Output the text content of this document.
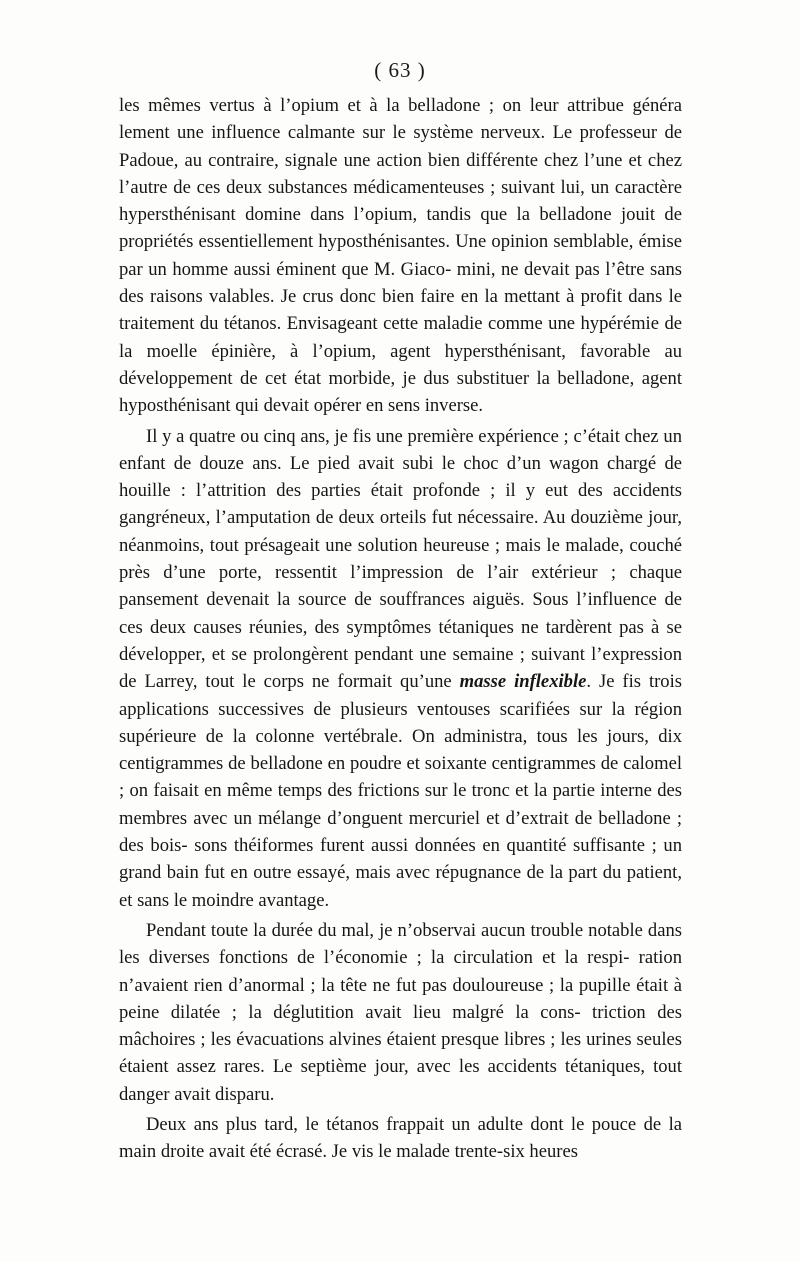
( 63 )

les mêmes vertus à l’opium et à la belladone ; on leur attribue généra lement une influence calmante sur le système nerveux. Le professeur de Padoue, au contraire, signale une action bien différente chez l’une et chez l’autre de ces deux substances médicamenteuses ; suivant lui, un caractère hypersthénisant domine dans l’opium, tandis que la belladone jouit de propriétés essentiellement hyposthénisantes. Une opinion semblable, émise par un homme aussi éminent que M. Giaco- mini, ne devait pas l’être sans des raisons valables. Je crus donc bien faire en la mettant à profit dans le traitement du tétanos. Envisageant cette maladie comme une hypérémie de la moelle épinière, à l’opium, agent hypersthénisant, favorable au développement de cet état morbide, je dus substituer la belladone, agent hyposthénisant qui devait opérer en sens inverse.

Il y a quatre ou cinq ans, je fis une première expérience ; c’était chez un enfant de douze ans. Le pied avait subi le choc d’un wagon chargé de houille : l’attrition des parties était profonde ; il y eut des accidents gangréneux, l’amputation de deux orteils fut nécessaire. Au douzième jour, néanmoins, tout présageait une solution heureuse ; mais le malade, couché près d’une porte, ressentit l’impression de l’air extérieur ; chaque pansement devenait la source de souffrances aiguës. Sous l’influence de ces deux causes réunies, des symptômes tétaniques ne tardèrent pas à se développer, et se prolongèrent pendant une semaine ; suivant l’expression de Larrey, tout le corps ne formait qu’une masse inflexible. Je fis trois applications successives de plusieurs ventouses scarifiées sur la région supérieure de la colonne vertébrale. On administra, tous les jours, dix centigrammes de belladone en poudre et soixante centigrammes de calomel ; on faisait en même temps des frictions sur le tronc et la partie interne des membres avec un mélange d’onguent mercuriel et d’extrait de belladone ; des bois- sons théiformes furent aussi données en quantité suffisante ; un grand bain fut en outre essayé, mais avec répugnance de la part du patient, et sans le moindre avantage.

Pendant toute la durée du mal, je n’observai aucun trouble notable dans les diverses fonctions de l’économie ; la circulation et la respi- ration n’avaient rien d’anormal ; la tête ne fut pas douloureuse ; la pupille était à peine dilatée ; la déglutition avait lieu malgré la cons- triction des mâchoires ; les évacuations alvines étaient presque libres ; les urines seules étaient assez rares. Le septième jour, avec les accidents tétaniques, tout danger avait disparu.

Deux ans plus tard, le tétanos frappait un adulte dont le pouce de la main droite avait été écrasé. Je vis le malade trente-six heures
